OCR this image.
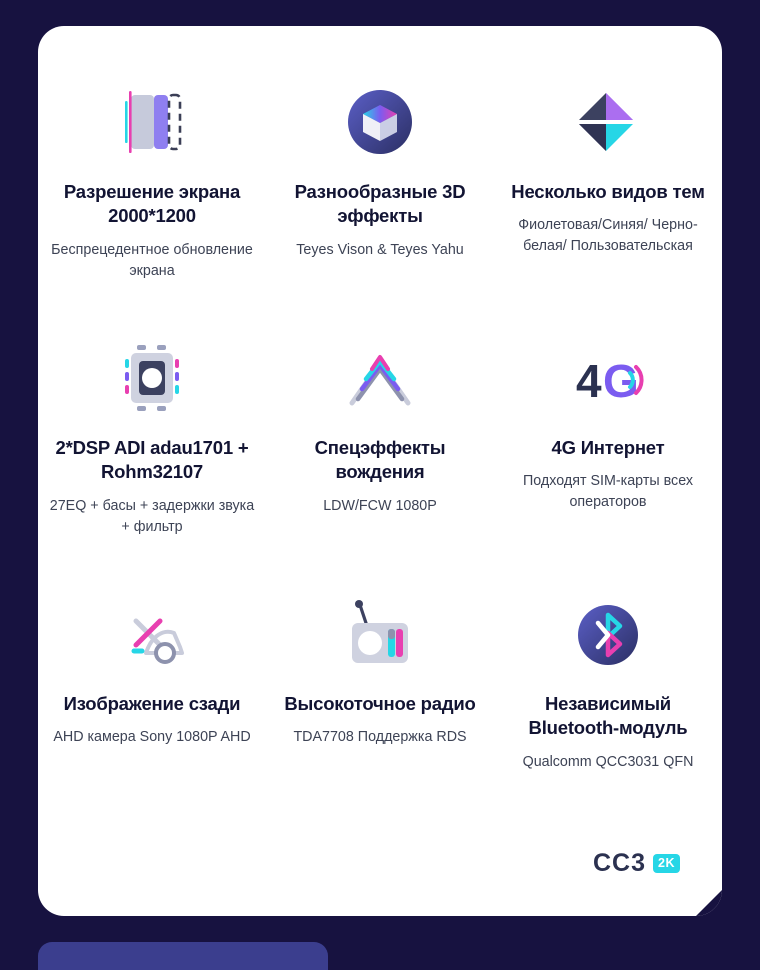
Разрешение экрана 2000*1200
Беспрецедентное обновление экрана
Разнообразные 3D эффекты
Teyes Vison & Teyes Yahu
Несколько видов тем
Фиолетовая/Синяя/ Черно-белая/ Пользовательская
2*DSP ADI adau1701 + Rohm32107
27EQ + басы + задержки звука + фильтр
Спецэффекты вождения
LDW/FCW 1080P
4 G
4G Интернет
Подходят SIM-карты всех операторов
Изображение сзади
AHD камера Sony 1080P AHD
Высокоточное радио
TDA7708 Поддержка RDS
Независимый Bluetooth-модуль
Qualcomm QCC3031 QFN
CC3 2K
